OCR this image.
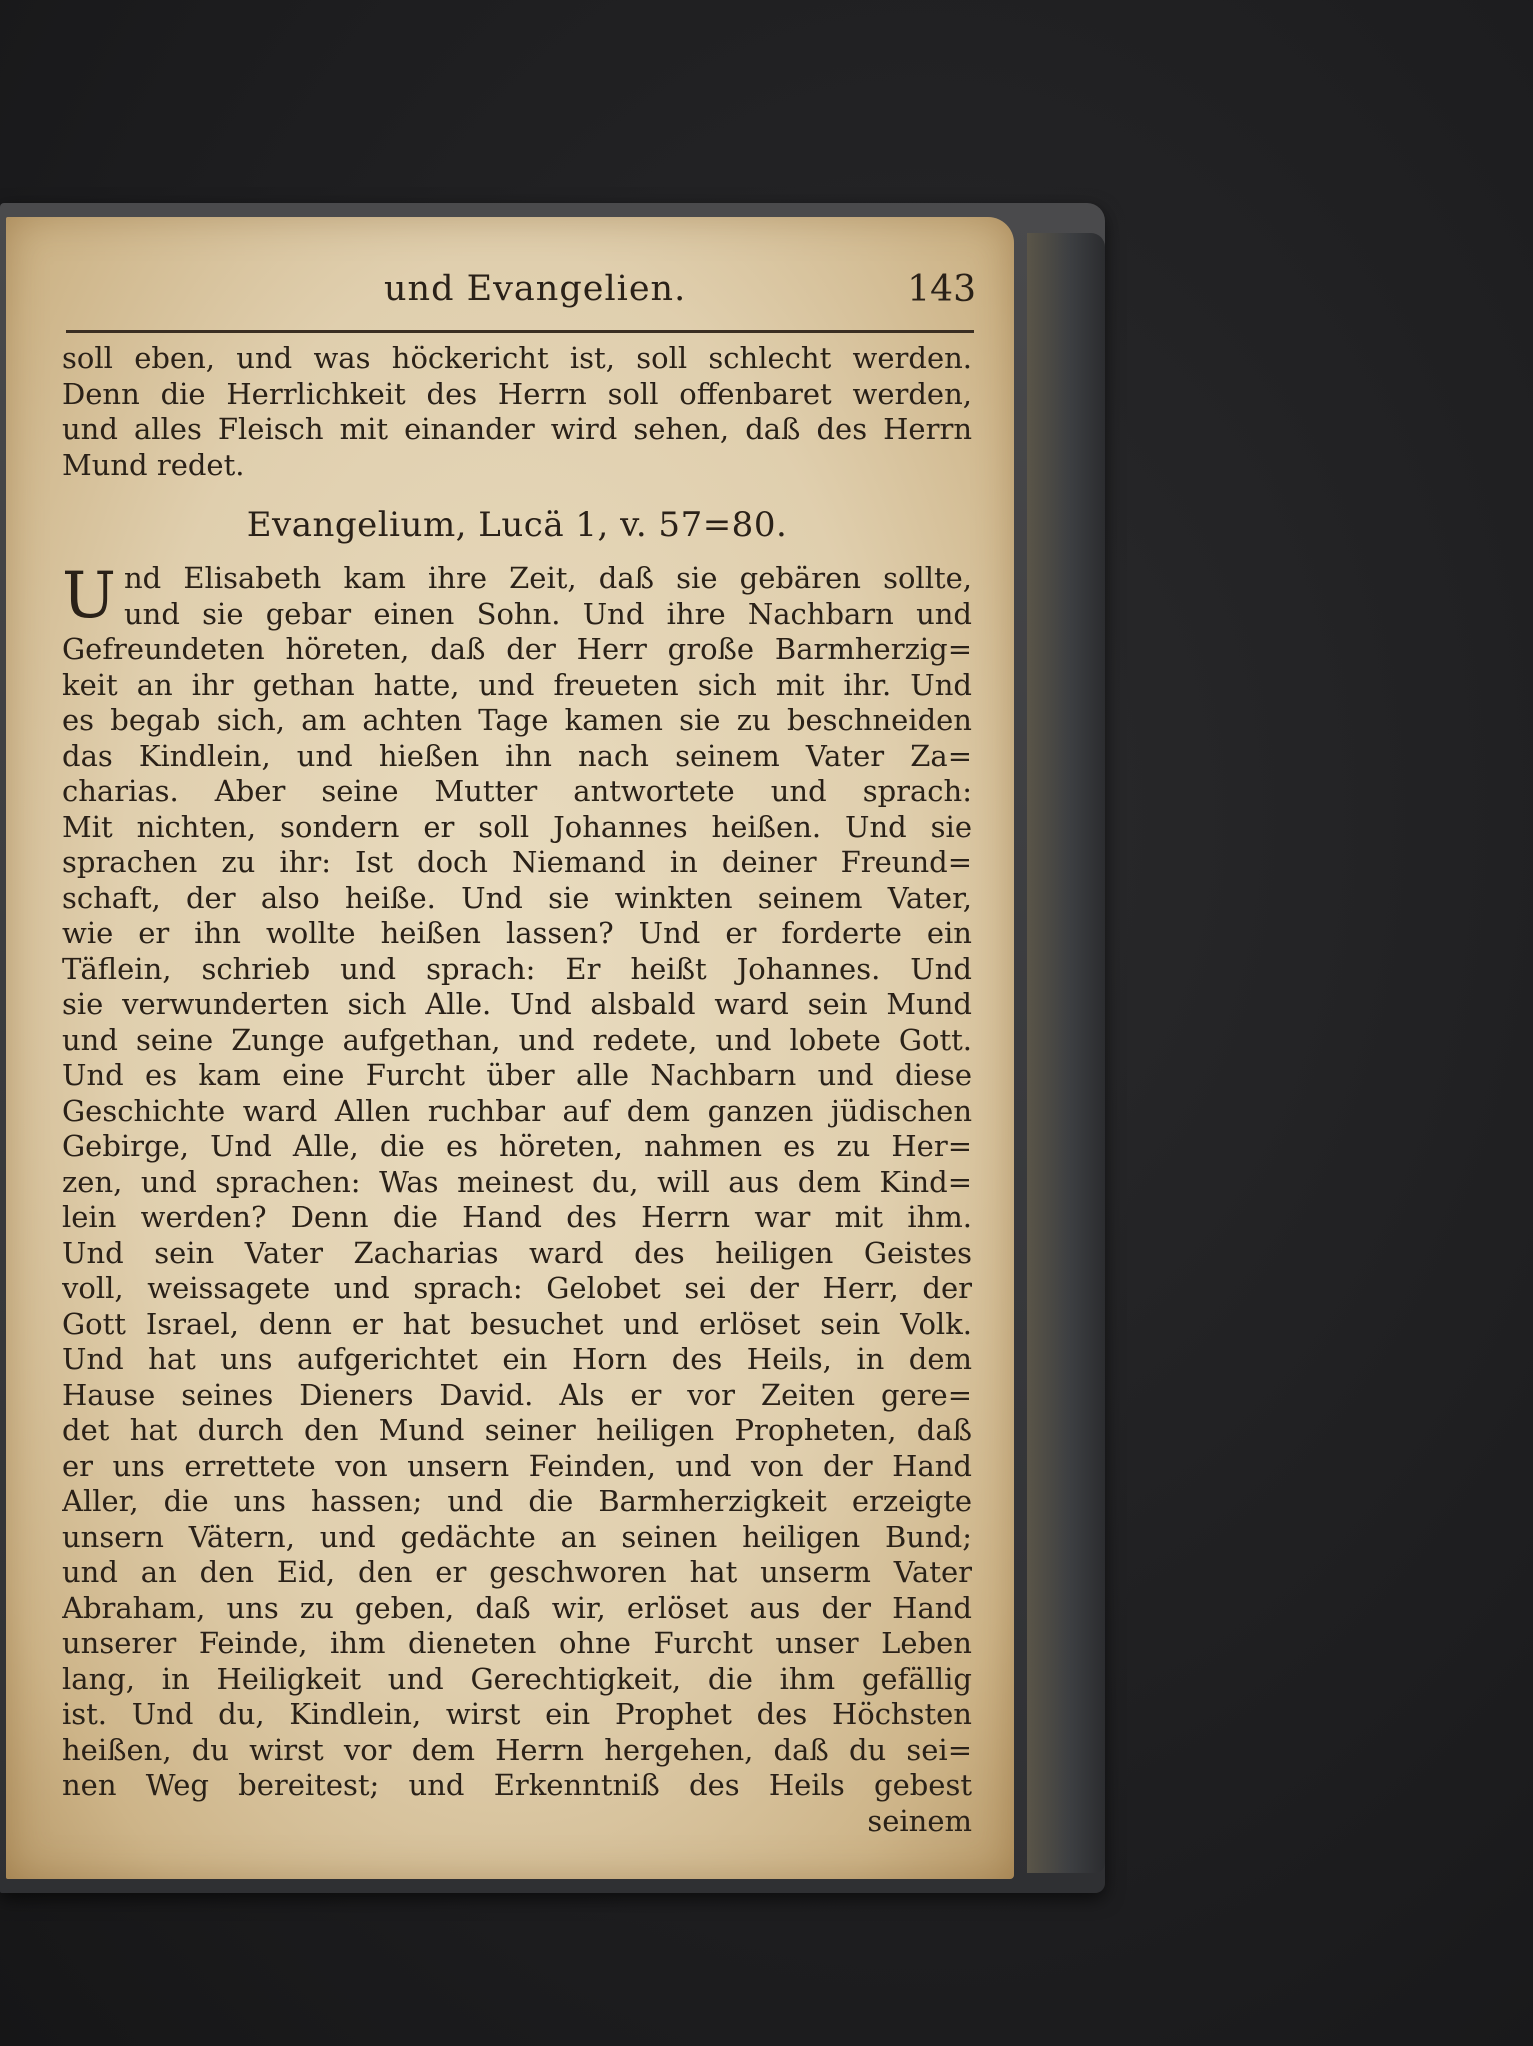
und Evangelien.	143
soll eben, und was höckericht ist, soll schlecht werden.
Denn die Herrlichkeit des Herrn soll offenbaret werden,
und alles Fleisch mit einander wird sehen, daß des Herrn
Mund redet.
Evangelium, Lucä 1, v. 57=80.
U nd Elisabeth kam ihre Zeit, daß sie gebären sollte,
und sie gebar einen Sohn. Und ihre Nachbarn und
Gefreundeten höreten, daß der Herr große Barmherzig=
keit an ihr gethan hatte, und freueten sich mit ihr. Und
es begab sich, am achten Tage kamen sie zu beschneiden
das Kindlein, und hießen ihn nach seinem Vater Za=
charias. Aber seine Mutter antwortete und sprach:
Mit nichten, sondern er soll Johannes heißen. Und sie
sprachen zu ihr: Ist doch Niemand in deiner Freund=
schaft, der also heiße. Und sie winkten seinem Vater,
wie er ihn wollte heißen lassen? Und er forderte ein
Täflein, schrieb und sprach: Er heißt Johannes. Und
sie verwunderten sich Alle. Und alsbald ward sein Mund
und seine Zunge aufgethan, und redete, und lobete Gott.
Und es kam eine Furcht über alle Nachbarn und diese
Geschichte ward Allen ruchbar auf dem ganzen jüdischen
Gebirge, Und Alle, die es höreten, nahmen es zu Her=
zen, und sprachen: Was meinest du, will aus dem Kind=
lein werden? Denn die Hand des Herrn war mit ihm.
Und sein Vater Zacharias ward des heiligen Geistes
voll, weissagete und sprach: Gelobet sei der Herr, der
Gott Israel, denn er hat besuchet und erlöset sein Volk.
Und hat uns aufgerichtet ein Horn des Heils, in dem
Hause seines Dieners David. Als er vor Zeiten gere=
det hat durch den Mund seiner heiligen Propheten, daß
er uns errettete von unsern Feinden, und von der Hand
Aller, die uns hassen; und die Barmherzigkeit erzeigte
unsern Vätern, und gedächte an seinen heiligen Bund;
und an den Eid, den er geschworen hat unserm Vater
Abraham, uns zu geben, daß wir, erlöset aus der Hand
unserer Feinde, ihm dieneten ohne Furcht unser Leben
lang, in Heiligkeit und Gerechtigkeit, die ihm gefällig
ist. Und du, Kindlein, wirst ein Prophet des Höchsten
heißen, du wirst vor dem Herrn hergehen, daß du sei=
nen Weg bereitest; und Erkenntniß des Heils gebest
seinem
